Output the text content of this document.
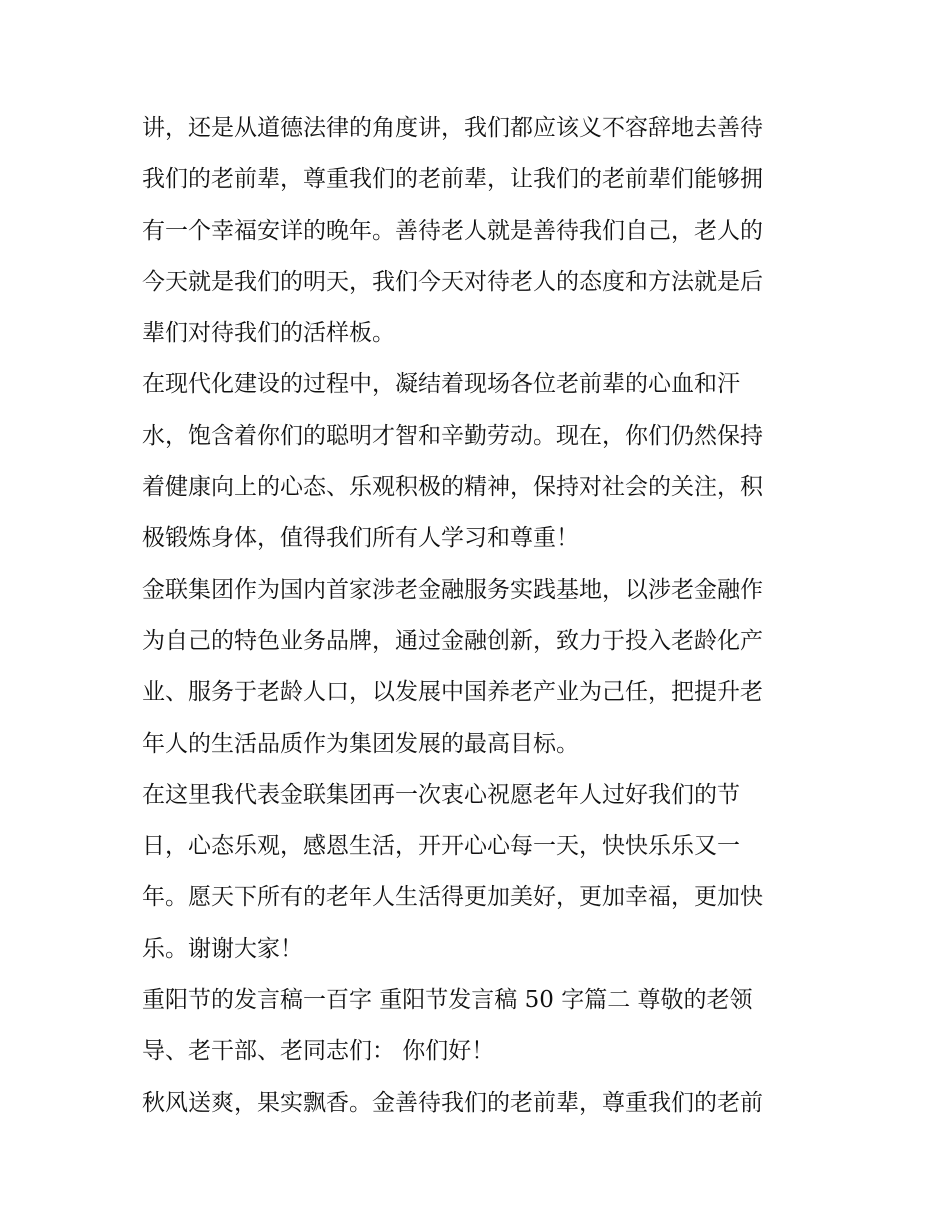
讲，还是从道德法律的角度讲，我们都应该义不容辞地去善待
我们的老前辈，尊重我们的老前辈，让我们的老前辈们能够拥
有一个幸福安详的晚年。善待老人就是善待我们自己，老人的
今天就是我们的明天，我们今天对待老人的态度和方法就是后
辈们对待我们的活样板。
在现代化建设的过程中，凝结着现场各位老前辈的心血和汗
水，饱含着你们的聪明才智和辛勤劳动。现在，你们仍然保持
着健康向上的心态、乐观积极的精神，保持对社会的关注，积
极锻炼身体，值得我们所有人学习和尊重！
金联集团作为国内首家涉老金融服务实践基地，以涉老金融作
为自己的特色业务品牌，通过金融创新，致力于投入老龄化产
业、服务于老龄人口，以发展中国养老产业为己任，把提升老
年人的生活品质作为集团发展的最高目标。
在这里我代表金联集团再一次衷心祝愿老年人过好我们的节
日，心态乐观，感恩生活，开开心心每一天，快快乐乐又一
年。愿天下所有的老年人生活得更加美好，更加幸福，更加快
乐。谢谢大家！
重阳节的发言稿一百字 重阳节发言稿 50 字篇二 尊敬的老领
导、老干部、老同志们： 你们好！
秋风送爽，果实飘香。金善待我们的老前辈，尊重我们的老前
